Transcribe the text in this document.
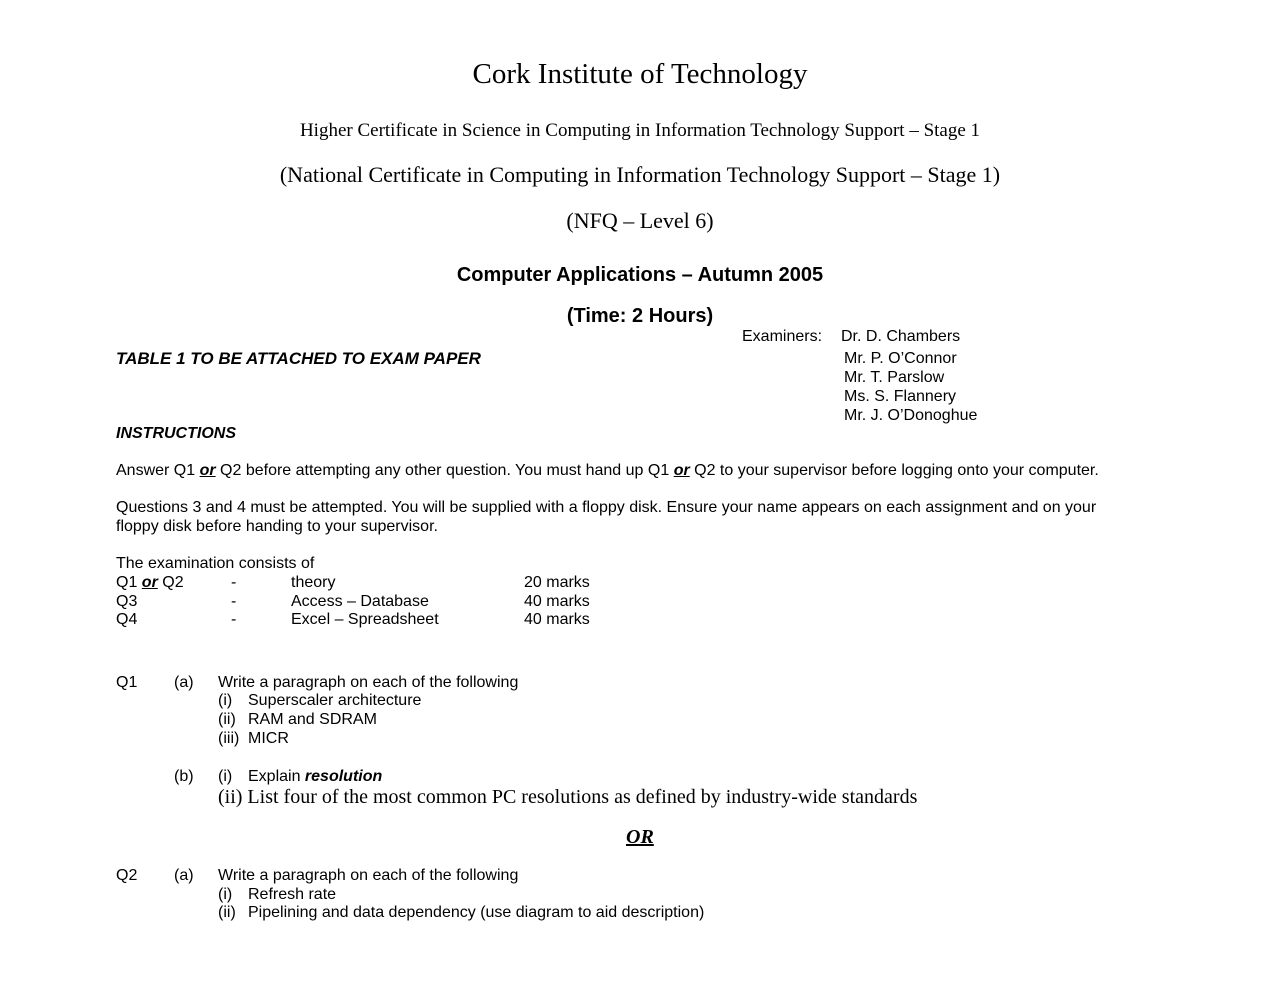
Cork Institute of Technology
Higher Certificate in Science in Computing in Information Technology Support – Stage 1
(National Certificate in Computing in Information Technology Support – Stage 1)
(NFQ – Level 6)
Computer Applications – Autumn 2005
(Time: 2 Hours)
Examiners: Dr. D. Chambers
Mr. P. O’Connor
Mr. T. Parslow
Ms. S. Flannery
Mr. J. O’Donoghue
TABLE 1 TO BE ATTACHED TO EXAM PAPER
INSTRUCTIONS
Answer Q1 or Q2 before attempting any other question. You must hand up Q1 or Q2 to your supervisor before logging onto your computer.
Questions 3 and 4 must be attempted. You will be supplied with a floppy disk. Ensure your name appears on each assignment and on your
floppy disk before handing to your supervisor.
The examination consists of
Q1 or Q2	-	theory	20 marks
Q3	-	Access – Database	40 marks
Q4	-	Excel – Spreadsheet	40 marks
Q1 (a) Write a paragraph on each of the following
(i) Superscaler architecture
(ii) RAM and SDRAM
(iii) MICR
(b) (i) Explain resolution
(ii) List four of the most common PC resolutions as defined by industry-wide standards
OR
Q2 (a) Write a paragraph on each of the following
(i) Refresh rate
(ii) Pipelining and data dependency (use diagram to aid description)
